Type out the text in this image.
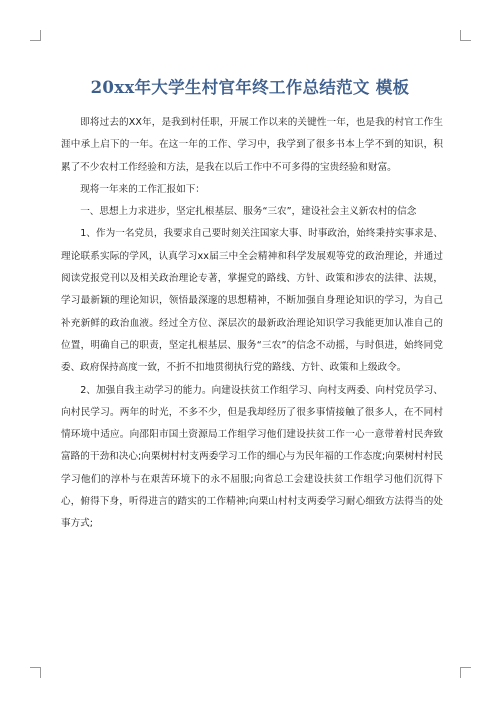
20xx年大学生村官年终工作总结范文 模板

即将过去的XX年，是我到村任职，开展工作以来的关键性一年，也是我的村官工作生涯中承上启下的一年。在这一年的工作、学习中，我学到了很多书本上学不到的知识，积累了不少农村工作经验和方法，是我在以后工作中不可多得的宝贵经验和财富。

现将一年来的工作汇报如下：

一、思想上力求进步，坚定扎根基层、服务“三农”，建设社会主义新农村的信念

1、作为一名党员，我要求自己要时刻关注国家大事、时事政治，始终秉持实事求是、理论联系实际的学风，认真学习xx届三中全会精神和科学发展观等党的政治理论，并通过阅读党报党刊以及相关政治理论专著，掌握党的路线、方针、政策和涉农的法律、法规，学习最新颖的理论知识，领悟最深邃的思想精神，不断加强自身理论知识的学习，为自己补充新鲜的政治血液。经过全方位、深层次的最新政治理论知识学习我能更加认准自己的位置，明确自己的职责，坚定扎根基层、服务“三农”的信念不动摇，与时俱进，始终同党委、政府保持高度一致，不折不扣地贯彻执行党的路线、方针、政策和上级政令。

2、加强自我主动学习的能力。向建设扶贫工作组学习、向村支两委、向村党员学习、向村民学习。两年的时光，不多不少，但是我却经历了很多事情接触了很多人，在不同村情环境中适应。向邵阳市国土资源局工作组学习他们建设扶贫工作一心一意带着村民奔致富路的干劲和决心;向栗树村村支两委学习工作的细心与为民年福的工作态度;向栗树村村民学习他们的淳朴与在艰苦环境下的永不屈服;向省总工会建设扶贫工作组学习他们沉得下心，俯得下身，听得进言的踏实的工作精神;向栗山村村支两委学习耐心细致方法得当的处事方式;
